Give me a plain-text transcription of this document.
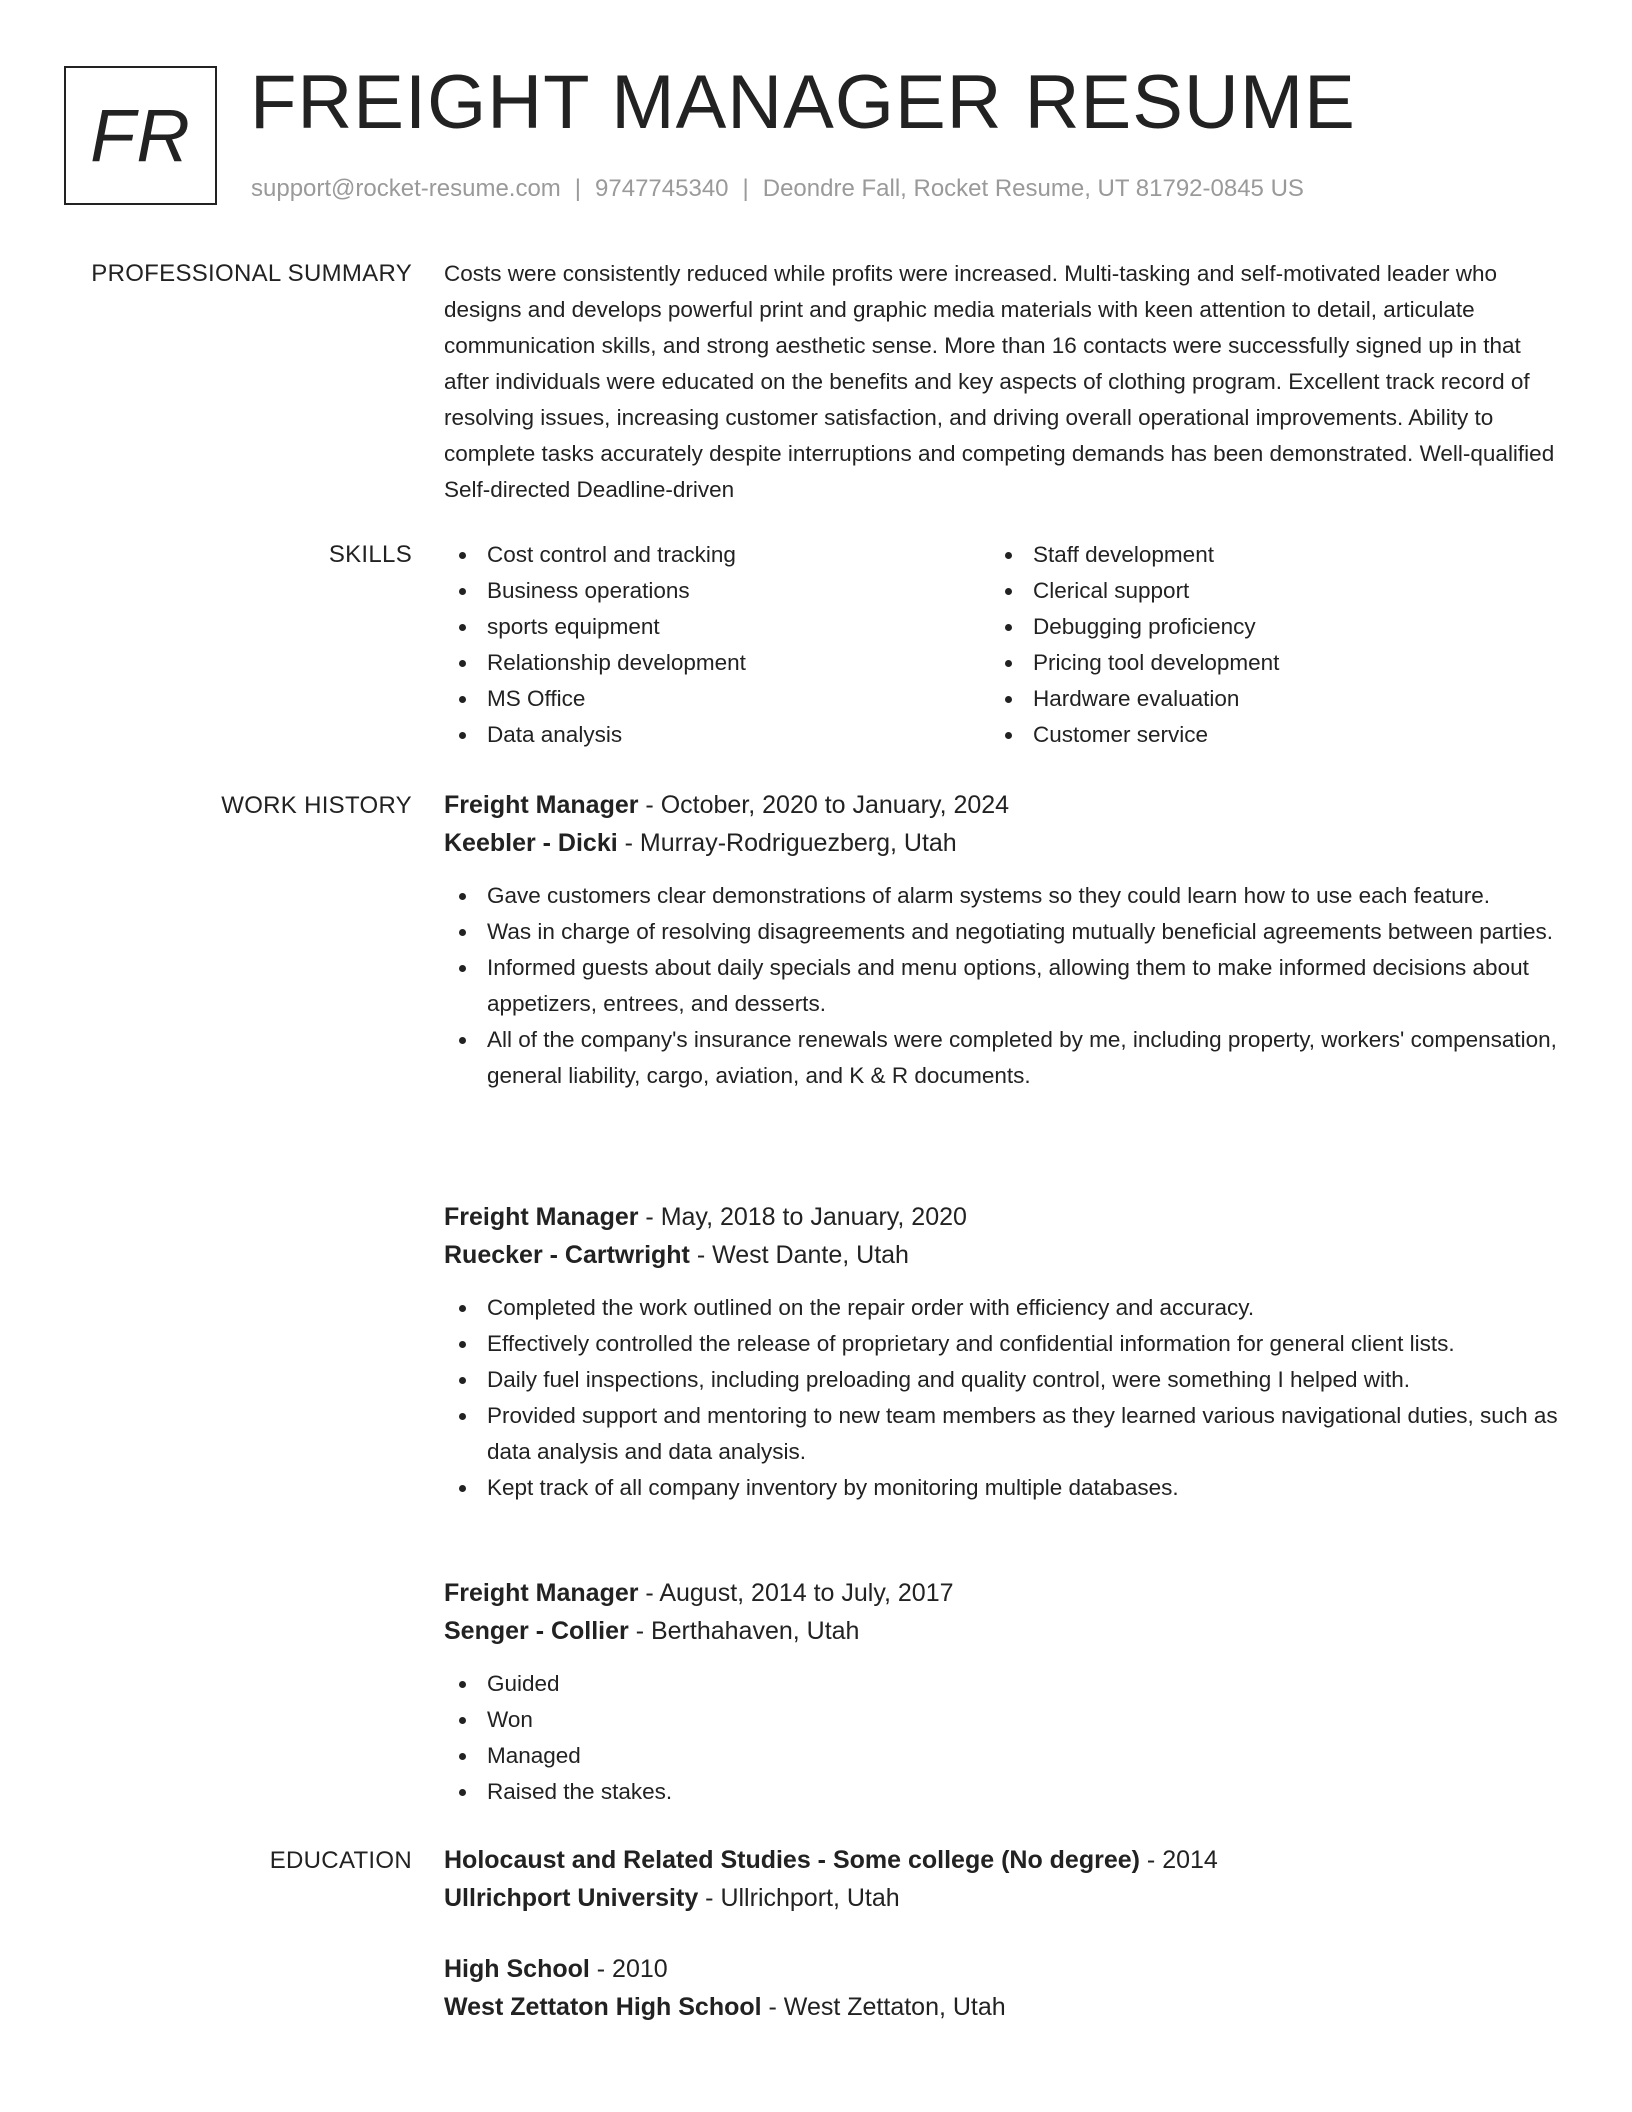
FR FREIGHT MANAGER RESUME
support@rocket-resume.com | 9747745340 | Deondre Fall, Rocket Resume, UT 81792-0845 US
PROFESSIONAL SUMMARY Costs were consistently reduced while profits were increased. Multi-tasking and self-motivated leader who designs and develops powerful print and graphic media materials with keen attention to detail, articulate communication skills, and strong aesthetic sense. More than 16 contacts were successfully signed up in that after individuals were educated on the benefits and key aspects of clothing program. Excellent track record of resolving issues, increasing customer satisfaction, and driving overall operational improvements. Ability to complete tasks accurately despite interruptions and competing demands has been demonstrated. Well-qualified Self-directed Deadline-driven

SKILLS	Cost control and tracking
Business operations
sports equipment
Relationship development
MS Office
Data analysis
Staff development
Clerical support
Debugging proficiency
Pricing tool development
Hardware evaluation
Customer service
WORK HISTORY Freight Manager - October, 2020 to January, 2024
Keebler - Dicki - Murray-Rodriguezberg, Utah
Gave customers clear demonstrations of alarm systems so they could learn how to use each feature.
Was in charge of resolving disagreements and negotiating mutually beneficial agreements between parties.
Informed guests about daily specials and menu options, allowing them to make informed decisions about appetizers, entrees, and desserts.
All of the company's insurance renewals were completed by me, including property, workers' compensation, general liability, cargo, aviation, and K & R documents.
Freight Manager - May, 2018 to January, 2020
Ruecker - Cartwright - West Dante, Utah
Completed the work outlined on the repair order with efficiency and accuracy.
Effectively controlled the release of proprietary and confidential information for general client lists.
Daily fuel inspections, including preloading and quality control, were something I helped with.
Provided support and mentoring to new team members as they learned various navigational duties, such as data analysis and data analysis.
Kept track of all company inventory by monitoring multiple databases.
Freight Manager - August, 2014 to July, 2017
Senger - Collier - Berthahaven, Utah
Guided
Won
Managed
Raised the stakes.
EDUCATION Holocaust and Related Studies - Some college (No degree) - 2014
Ullrichport University - Ullrichport, Utah
High School - 2010
West Zettaton High School - West Zettaton, Utah
